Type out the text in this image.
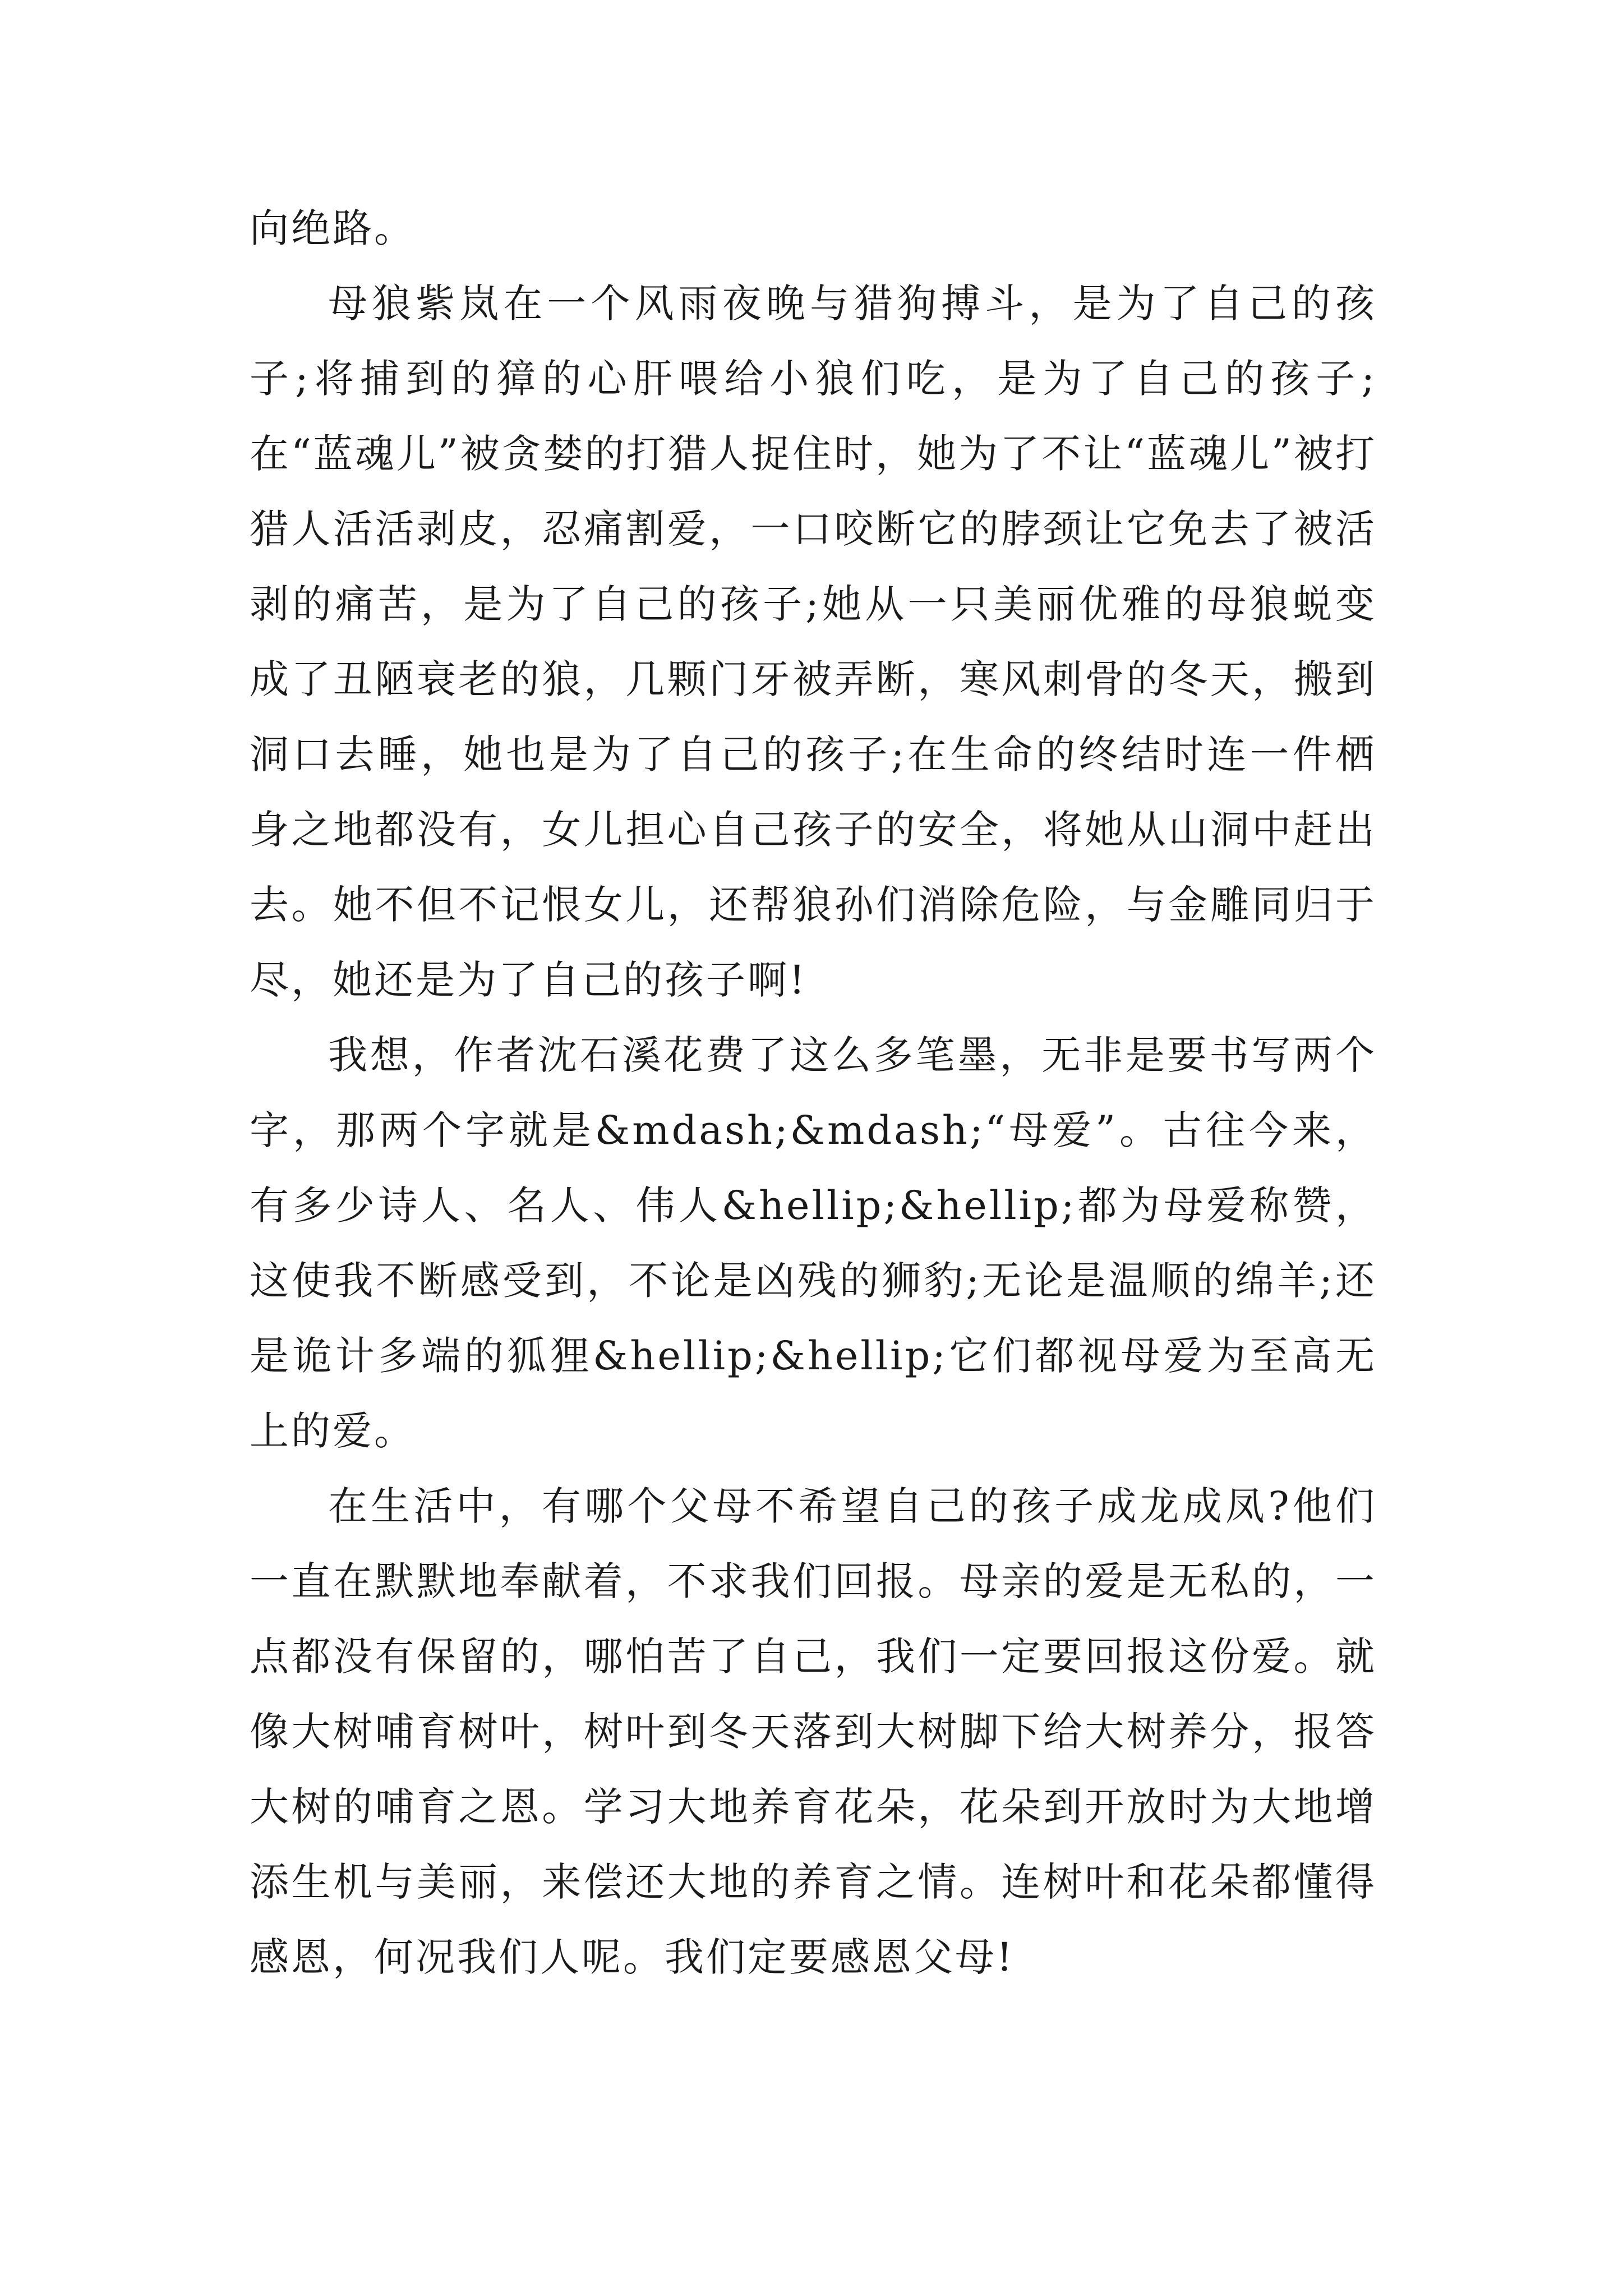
向绝路。

母狼紫岚在一个风雨夜晚与猎狗搏斗，是为了自己的孩子;将捕到的獐的心肝喂给小狼们吃，是为了自己的孩子;在“蓝魂儿”被贪婪的打猎人捉住时，她为了不让“蓝魂儿”被打猎人活活剥皮，忍痛割爱，一口咬断它的脖颈让它免去了被活剥的痛苦，是为了自己的孩子;她从一只美丽优雅的母狼蜕变成了丑陋衰老的狼，几颗门牙被弄断，寒风刺骨的冬天，搬到洞口去睡，她也是为了自己的孩子;在生命的终结时连一件栖身之地都没有，女儿担心自己孩子的安全，将她从山洞中赶出去。她不但不记恨女儿，还帮狼孙们消除危险，与金雕同归于尽，她还是为了自己的孩子啊!

我想，作者沈石溪花费了这么多笔墨，无非是要书写两个字，那两个字就是&mdash;&mdash;“母爱”。古往今来，有多少诗人、名人、伟人&hellip;&hellip;都为母爱称赞，这使我不断感受到，不论是凶残的狮豹;无论是温顺的绵羊;还是诡计多端的狐狸&hellip;&hellip;它们都视母爱为至高无上的爱。

在生活中，有哪个父母不希望自己的孩子成龙成凤?他们一直在默默地奉献着，不求我们回报。母亲的爱是无私的，一点都没有保留的，哪怕苦了自己，我们一定要回报这份爱。就像大树哺育树叶，树叶到冬天落到大树脚下给大树养分，报答大树的哺育之恩。学习大地养育花朵，花朵到开放时为大地增添生机与美丽，来偿还大地的养育之情。连树叶和花朵都懂得感恩，何况我们人呢。我们定要感恩父母!
